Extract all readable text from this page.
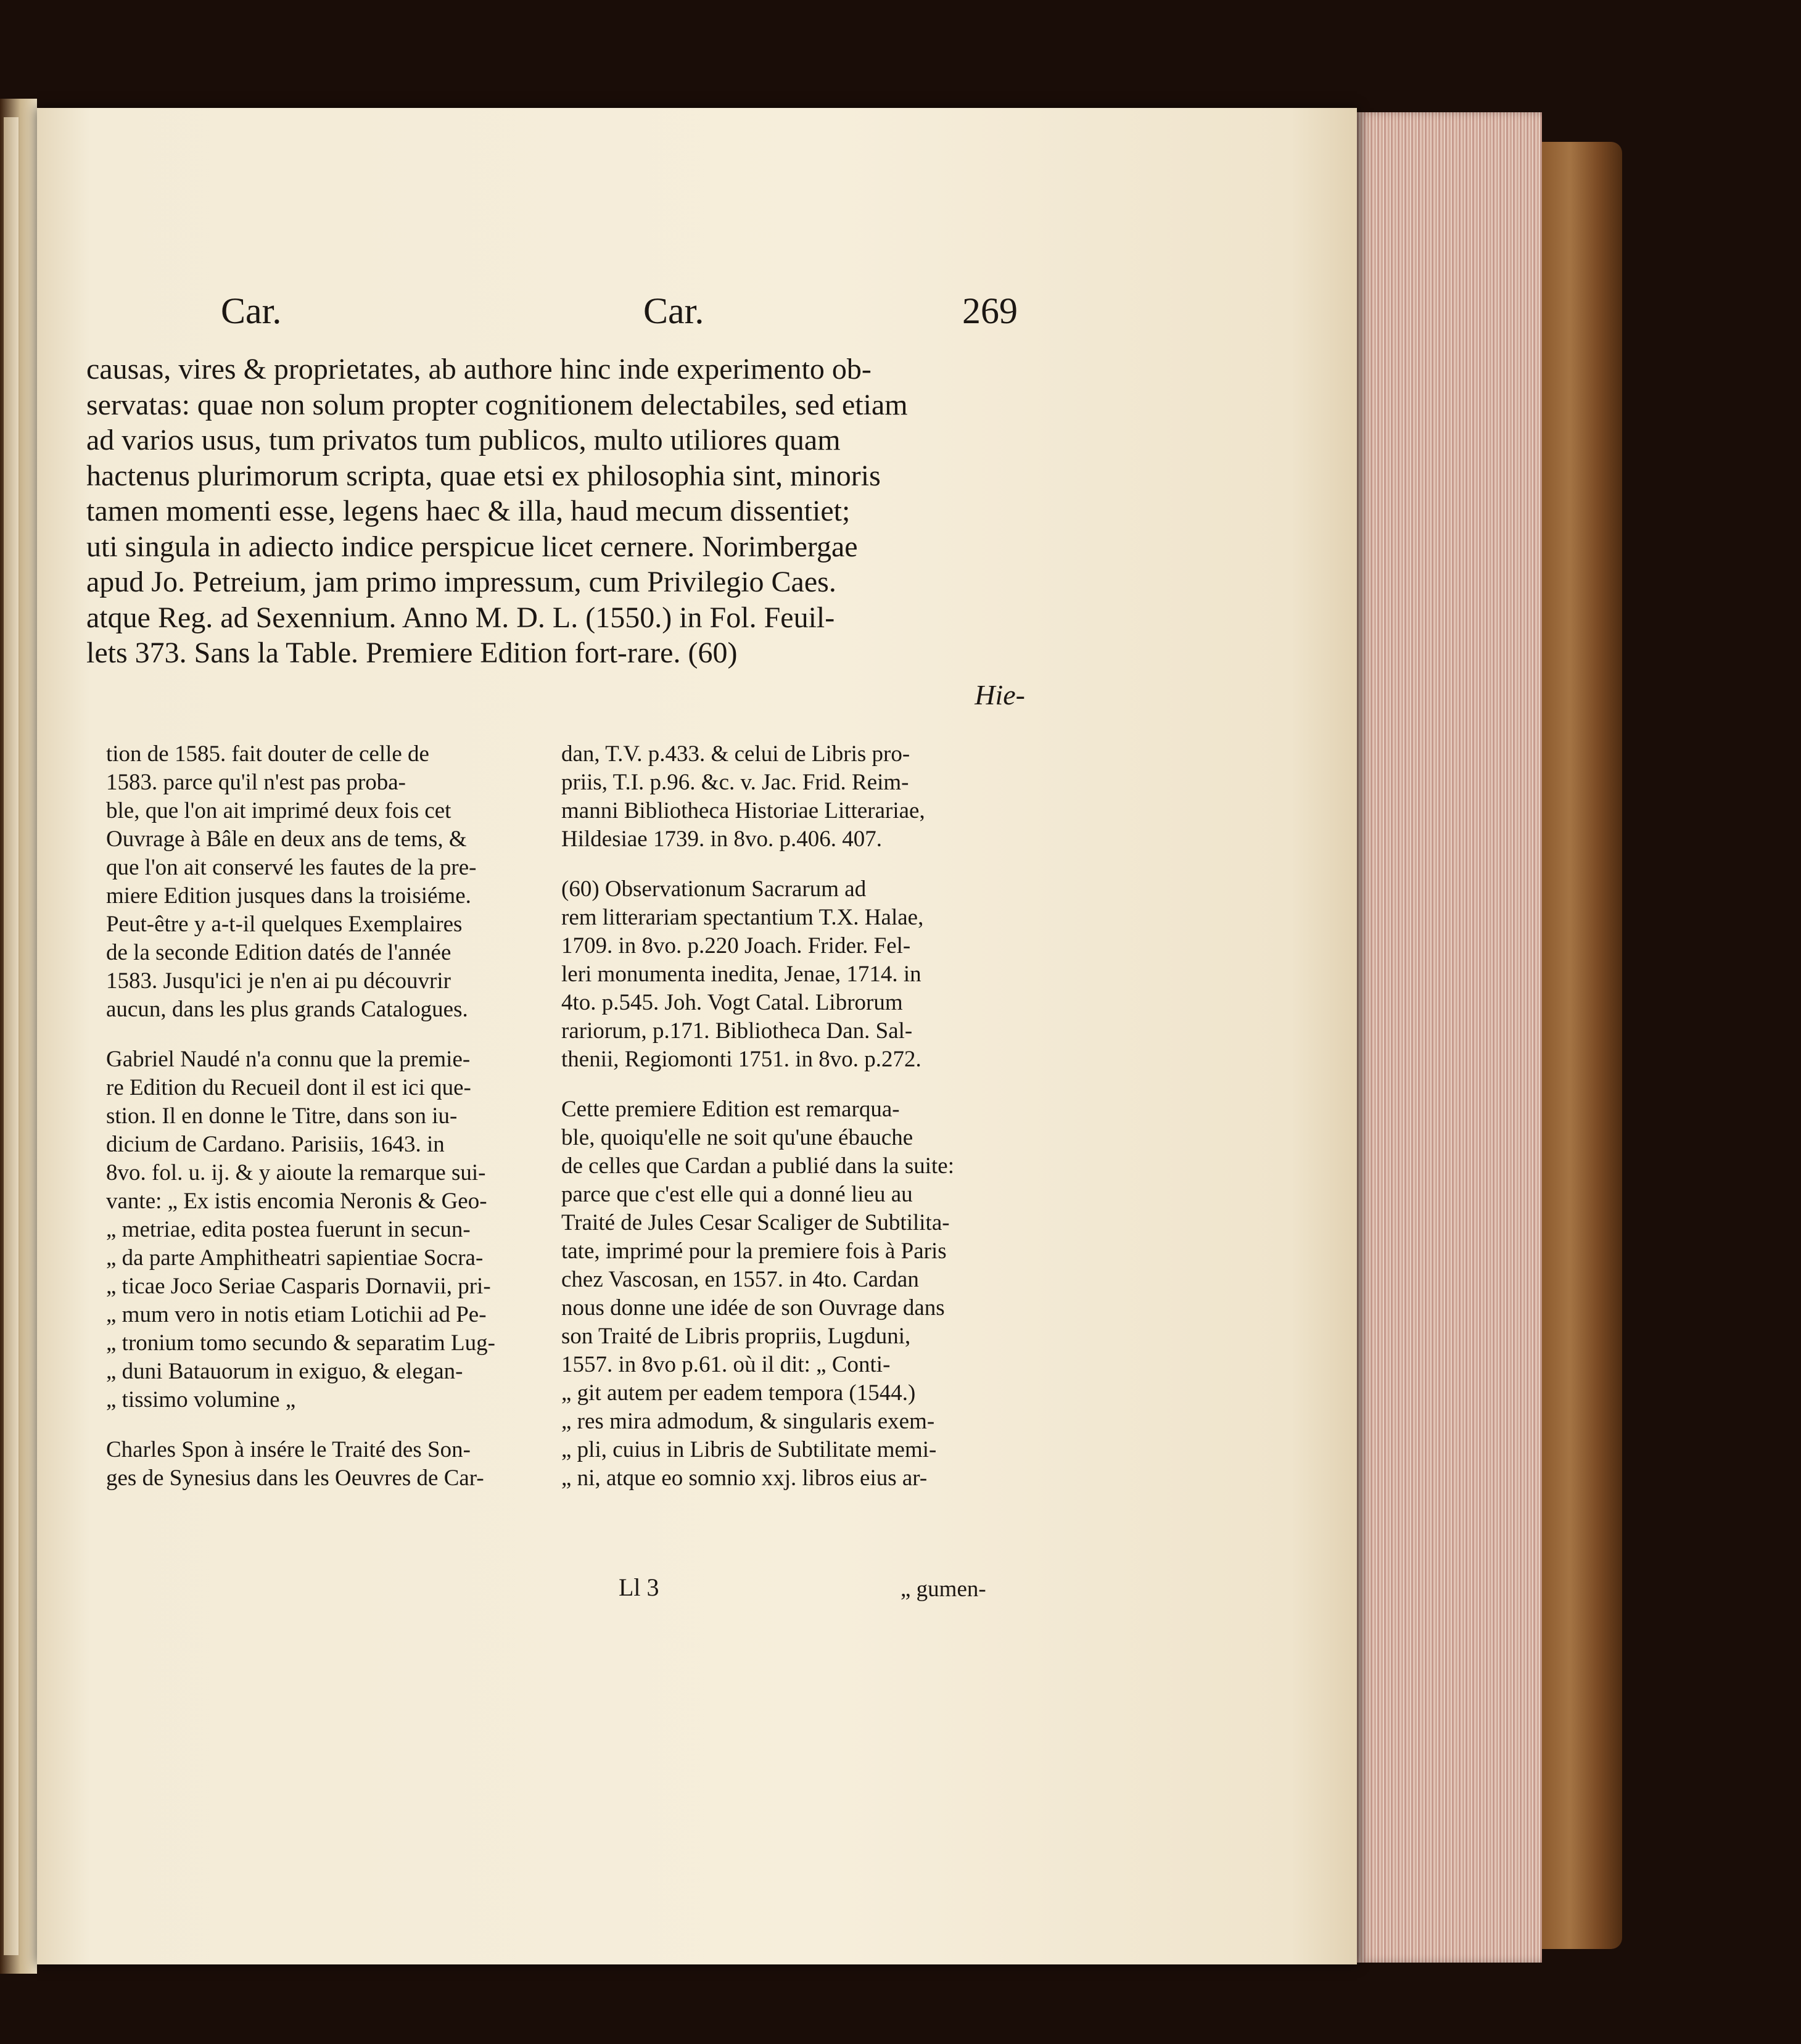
Car.	Car.	269
causas, vires & proprietates, ab authore hinc inde experimento ob-
servatas: quae non solum propter cognitionem delectabiles, sed etiam
ad varios usus, tum privatos tum publicos, multo utiliores quam
hactenus plurimorum scripta, quae etsi ex philosophia sint, minoris
tamen momenti esse, legens haec & illa, haud mecum dissentiet;
uti singula in adiecto indice perspicue licet cernere. Norimbergae
apud Jo. Petreium, jam primo impressum, cum Privilegio Caes.
atque Reg. ad Sexennium. Anno M. D. L. (1550.) in Fol. Feuil-
lets 373. Sans la Table. Premiere Edition fort-rare. (60)
Hie-
tion de 1585. fait douter de celle de
1583. parce qu'il n'est pas proba-
ble, que l'on ait imprimé deux fois cet
Ouvrage à Bâle en deux ans de tems, &
que l'on ait conservé les fautes de la pre-
miere Edition jusques dans la troisiéme.
Peut-être y a-t-il quelques Exemplaires
de la seconde Edition datés de l'année
1583. Jusqu'ici je n'en ai pu découvrir
aucun, dans les plus grands Catalogues.
Gabriel Naudé n'a connu que la premie-
re Edition du Recueil dont il est ici que-
stion. Il en donne le Titre, dans son iu-
dicium de Cardano. Parisiis, 1643. in
8vo. fol. u. ij. & y aioute la remarque sui-
vante: „ Ex istis encomia Neronis & Geo-
„ metriae, edita postea fuerunt in secun-
„ da parte Amphitheatri sapientiae Socra-
„ ticae Joco Seriae Casparis Dornavii, pri-
„ mum vero in notis etiam Lotichii ad Pe-
„ tronium tomo secundo & separatim Lug-
„ duni Batauorum in exiguo, & elegan-
„ tissimo volumine „
Charles Spon à insére le Traité des Son-
ges de Synesius dans les Oeuvres de Car-
dan, T.V. p.433. & celui de Libris pro-
priis, T.I. p.96. &c. v. Jac. Frid. Reim-
manni Bibliotheca Historiae Litterariae,
Hildesiae 1739. in 8vo. p.406. 407.
(60) Observationum Sacrarum ad
rem litterariam spectantium T.X. Halae,
1709. in 8vo. p.220 Joach. Frider. Fel-
leri monumenta inedita, Jenae, 1714. in
4to. p.545. Joh. Vogt Catal. Librorum
rariorum, p.171. Bibliotheca Dan. Sal-
thenii, Regiomonti 1751. in 8vo. p.272.
Cette premiere Edition est remarqua-
ble, quoiqu'elle ne soit qu'une ébauche
de celles que Cardan a publié dans la suite:
parce que c'est elle qui a donné lieu au
Traité de Jules Cesar Scaliger de Subtilita-
tate, imprimé pour la premiere fois à Paris
chez Vascosan, en 1557. in 4to. Cardan
nous donne une idée de son Ouvrage dans
son Traité de Libris propriis, Lugduni,
1557. in 8vo p.61. où il dit: „ Conti-
„ git autem per eadem tempora (1544.)
„ res mira admodum, & singularis exem-
„ pli, cuius in Libris de Subtilitate memi-
„ ni, atque eo somnio xxj. libros eius ar-
Ll 3	„ gumen-
